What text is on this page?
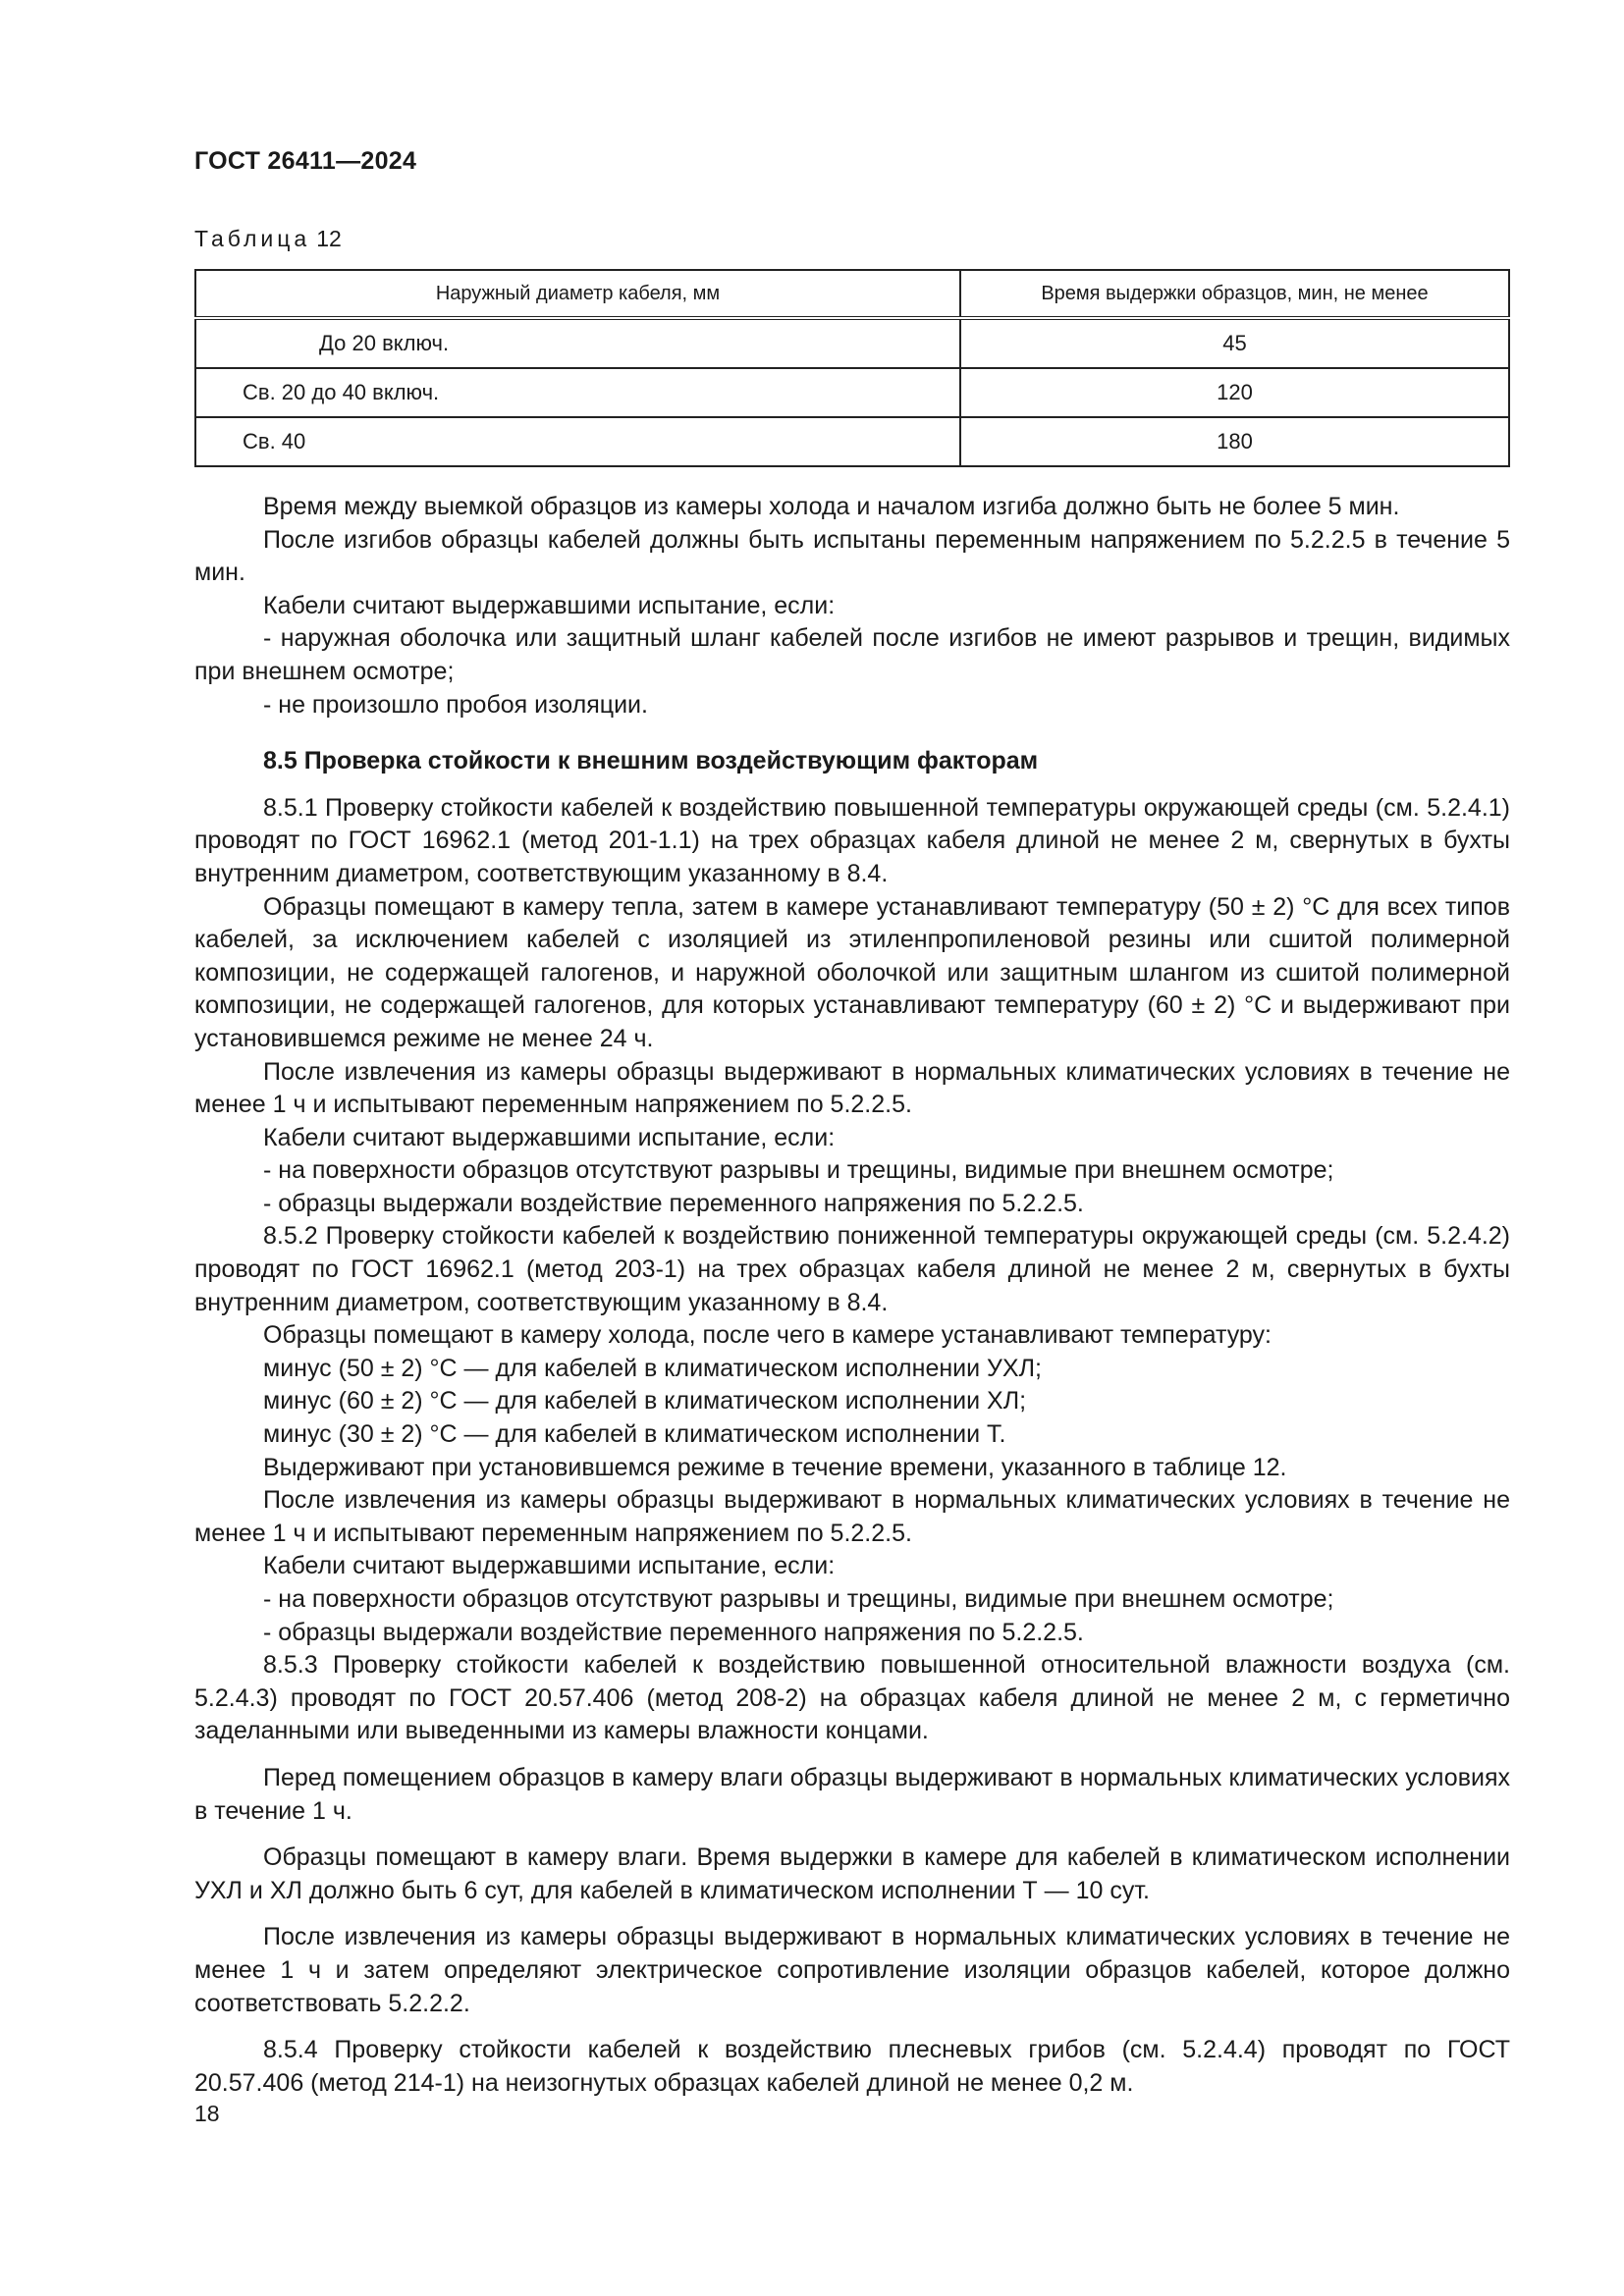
ГОСТ 26411—2024
Таблица 12
Наружный диаметр кабеля, мм	Время выдержки образцов, мин, не менее
До 20 включ.	45
Св. 20 до 40 включ.	120
Св. 40	180

Время между выемкой образцов из камеры холода и началом изгиба должно быть не более 5 мин.

После изгибов образцы кабелей должны быть испытаны переменным напряжением по 5.2.2.5 в течение 5 мин.

Кабели считают выдержавшими испытание, если:

- наружная оболочка или защитный шланг кабелей после изгибов не имеют разрывов и трещин, видимых при внешнем осмотре;

- не произошло пробоя изоляции.

8.5 Проверка стойкости к внешним воздействующим факторам

8.5.1 Проверку стойкости кабелей к воздействию повышенной температуры окружающей среды (см. 5.2.4.1) проводят по ГОСТ 16962.1 (метод 201-1.1) на трех образцах кабеля длиной не менее 2 м, свернутых в бухты внутренним диаметром, соответствующим указанному в 8.4.

Образцы помещают в камеру тепла, затем в камере устанавливают температуру (50 ± 2) °С для всех типов кабелей, за исключением кабелей с изоляцией из этиленпропиленовой резины или сшитой полимерной композиции, не содержащей галогенов, и наружной оболочкой или защитным шлангом из сшитой полимерной композиции, не содержащей галогенов, для которых устанавливают температуру (60 ± 2) °С и выдерживают при установившемся режиме не менее 24 ч.

После извлечения из камеры образцы выдерживают в нормальных климатических условиях в течение не менее 1 ч и испытывают переменным напряжением по 5.2.2.5.

Кабели считают выдержавшими испытание, если:

- на поверхности образцов отсутствуют разрывы и трещины, видимые при внешнем осмотре;

- образцы выдержали воздействие переменного напряжения по 5.2.2.5.

8.5.2 Проверку стойкости кабелей к воздействию пониженной температуры окружающей среды (см. 5.2.4.2) проводят по ГОСТ 16962.1 (метод 203-1) на трех образцах кабеля длиной не менее 2 м, свернутых в бухты внутренним диаметром, соответствующим указанному в 8.4.

Образцы помещают в камеру холода, после чего в камере устанавливают температуру:

минус (50 ± 2) °С — для кабелей в климатическом исполнении УХЛ;

минус (60 ± 2) °С — для кабелей в климатическом исполнении ХЛ;

минус (30 ± 2) °С — для кабелей в климатическом исполнении Т.

Выдерживают при установившемся режиме в течение времени, указанного в таблице 12.

После извлечения из камеры образцы выдерживают в нормальных климатических условиях в течение не менее 1 ч и испытывают переменным напряжением по 5.2.2.5.

Кабели считают выдержавшими испытание, если:

- на поверхности образцов отсутствуют разрывы и трещины, видимые при внешнем осмотре;

- образцы выдержали воздействие переменного напряжения по 5.2.2.5.

8.5.3 Проверку стойкости кабелей к воздействию повышенной относительной влажности воздуха (см. 5.2.4.3) проводят по ГОСТ 20.57.406 (метод 208-2) на образцах кабеля длиной не менее 2 м, с герметично заделанными или выведенными из камеры влажности концами.

Перед помещением образцов в камеру влаги образцы выдерживают в нормальных климатических условиях в течение 1 ч.

Образцы помещают в камеру влаги. Время выдержки в камере для кабелей в климатическом исполнении УХЛ и ХЛ должно быть 6 сут, для кабелей в климатическом исполнении Т — 10 сут.

После извлечения из камеры образцы выдерживают в нормальных климатических условиях в течение не менее 1 ч и затем определяют электрическое сопротивление изоляции образцов кабелей, которое должно соответствовать 5.2.2.2.

8.5.4 Проверку стойкости кабелей к воздействию плесневых грибов (см. 5.2.4.4) проводят по ГОСТ 20.57.406 (метод 214-1) на неизогнутых образцах кабелей длиной не менее 0,2 м.

18
